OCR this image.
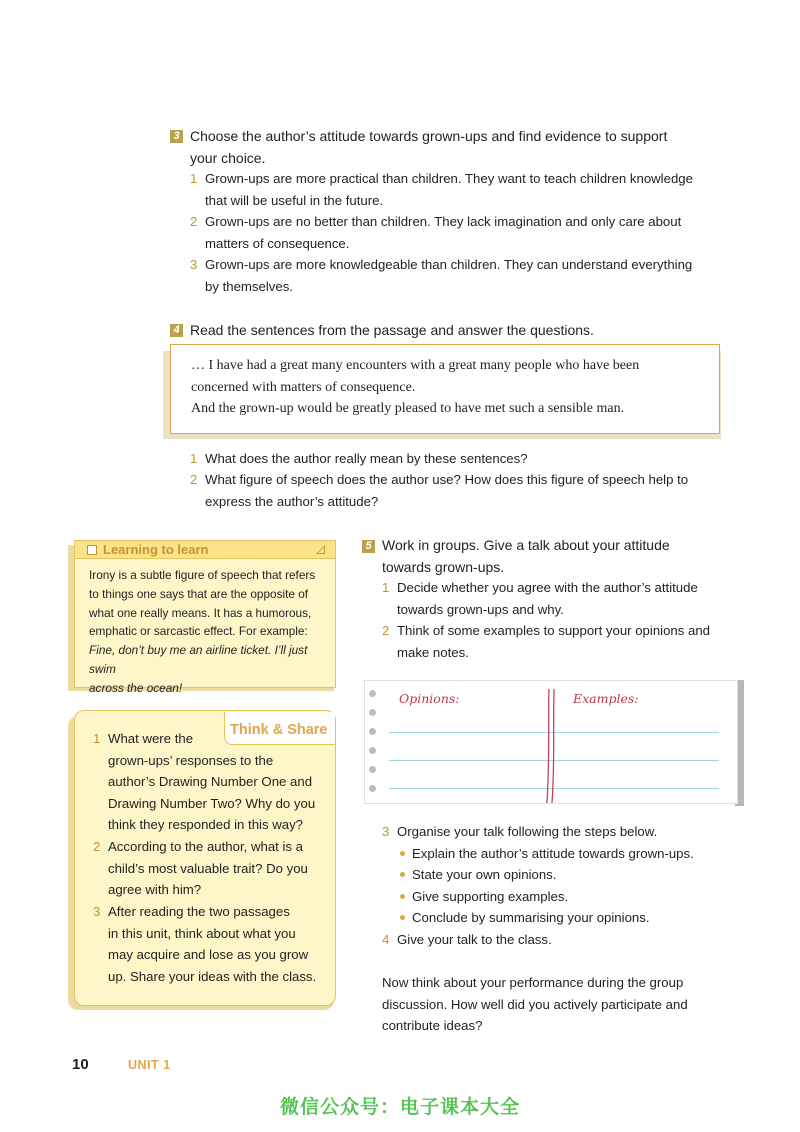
3 Choose the author’s attitude towards grown-ups and find evidence to support
your choice.
1 Grown-ups are more practical than children. They want to teach children knowledge
that will be useful in the future.
2 Grown-ups are no better than children. They lack imagination and only care about
matters of consequence.
3 Grown-ups are more knowledgeable than children. They can understand everything
by themselves.
4 Read the sentences from the passage and answer the questions.
… I have had a great many encounters with a great many people who have been
concerned with matters of consequence.
And the grown-up would be greatly pleased to have met such a sensible man.
1 What does the author really mean by these sentences?
2 What figure of speech does the author use? How does this figure of speech help to
express the author’s attitude?
Learning to learn
Irony is a subtle figure of speech that refers
to things one says that are the opposite of
what one really means. It has a humorous,
emphatic or sarcastic effect. For example:
Fine, don’t buy me an airline ticket. I’ll just swim
across the ocean!
Think & Share
1 What were the
grown-ups’ responses to the
author’s Drawing Number One and
Drawing Number Two? Why do you
think they responded in this way?
2 According to the author, what is a
child’s most valuable trait? Do you
agree with him?
3 After reading the two passages
in this unit, think about what you
may acquire and lose as you grow
up. Share your ideas with the class.
5 Work in groups. Give a talk about your attitude
towards grown-ups.
1 Decide whether you agree with the author’s attitude
towards grown-ups and why.
2 Think of some examples to support your opinions and
make notes.
Opinions:	Examples:
3 Organise your talk following the steps below.
Explain the author’s attitude towards grown-ups.
State your own opinions.
Give supporting examples.
Conclude by summarising your opinions.
4 Give your talk to the class.
Now think about your performance during the group
discussion. How well did you actively participate and
contribute ideas?
10	UNIT 1
微信公众号：电子课本大全
